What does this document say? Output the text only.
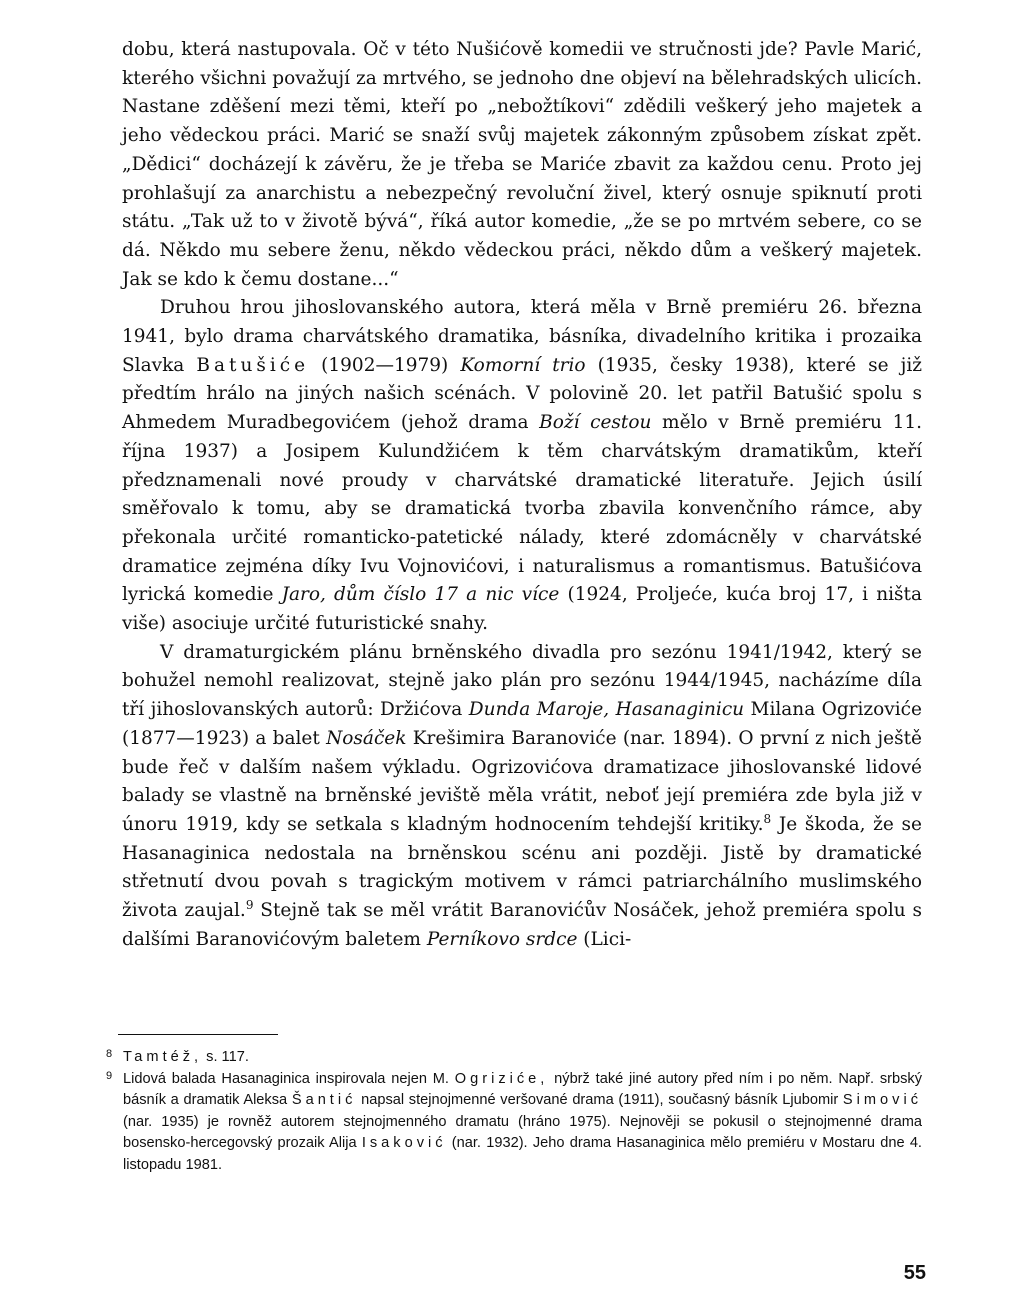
dobu, která nastupovala. Oč v této Nušićově komedii ve stručnosti jde? Pavle Marić, kterého všichni považují za mrtvého, se jednoho dne objeví na bělehradských ulicích. Nastane zděšení mezi těmi, kteří po „nebožtíkovi“ zdědili veškerý jeho majetek a jeho vědeckou práci. Marić se snaží svůj majetek zákonným způsobem získat zpět. „Dědici“ docházejí k závěru, že je třeba se Mariće zbavit za každou cenu. Proto jej prohlašují za anarchistu a nebezpečný revoluční živel, který osnuje spiknutí proti státu. „Tak už to v životě bývá“, říká autor komedie, „že se po mrtvém sebere, co se dá. Někdo mu sebere ženu, někdo vědeckou práci, někdo dům a veškerý majetek. Jak se kdo k čemu dostane...“

Druhou hrou jihoslovanského autora, která měla v Brně premiéru 26. března 1941, bylo drama charvátského dramatika, básníka, divadelního kritika i prozaika Slavka Batušiće (1902—1979) Komorní trio (1935, česky 1938), které se již předtím hrálo na jiných našich scénách. V polovině 20. let patřil Batušić spolu s Ahmedem Muradbegovićem (jehož drama Boží cestou mělo v Brně premiéru 11. října 1937) a Josipem Kulundžićem k těm charvátským dramatikům, kteří předznamenali nové proudy v charvátské dramatické literatuře. Jejich úsilí směřovalo k tomu, aby se dramatická tvorba zbavila konvenčního rámce, aby překonala určité romanticko-patetické nálady, které zdomácněly v charvátské dramatice zejména díky Ivu Vojnovićovi, i naturalismus a romantismus. Batušićova lyrická komedie Jaro, dům číslo 17 a nic více (1924, Proljeće, kuća broj 17, i ništa više) asociuje určité futuristické snahy.

V dramaturgickém plánu brněnského divadla pro sezónu 1941/1942, který se bohužel nemohl realizovat, stejně jako plán pro sezónu 1944/1945, nacházíme díla tří jihoslovanských autorů: Držićova Dunda Maroje, Hasanaginicu Milana Ogrizoviće (1877—1923) a balet Nosáček Krešimira Baranoviće (nar. 1894). O první z nich ještě bude řeč v dalším našem výkladu. Ogrizovićova dramatizace jihoslovanské lidové balady se vlastně na brněnské jeviště měla vrátit, neboť její premiéra zde byla již v únoru 1919, kdy se setkala s kladným hodnocením tehdejší kritiky.$^8$ Je škoda, že se Hasanaginica nedostala na brněnskou scénu ani později. Jistě by dramatické střetnutí dvou povah s tragickým motivem v rámci patriarchálního muslimského života zaujal.$^9$ Stejně tak se měl vrátit Baranovićův Nosáček, jehož premiéra spolu s dalšími Baranovićovým baletem Perníkovo srdce (Lici-

8 Tamtéž, s. 117.

9 Lidová balada Hasanaginica inspirovala nejen M. Ogriziće, nýbrž také jiné autory před ním i po něm. Např. srbský básník a dramatik Aleksa Šantić napsal stejnojmenné veršované drama (1911), současný básník Ljubomir Simović (nar. 1935) je rovněž autorem stejnojmenného dramatu (hráno 1975). Nejnověji se pokusil o stejnojmenné drama bosensko-hercegovský prozaik Alija Isaković (nar. 1932). Jeho drama Hasanaginica mělo premiéru v Mostaru dne 4. listopadu 1981.

55
